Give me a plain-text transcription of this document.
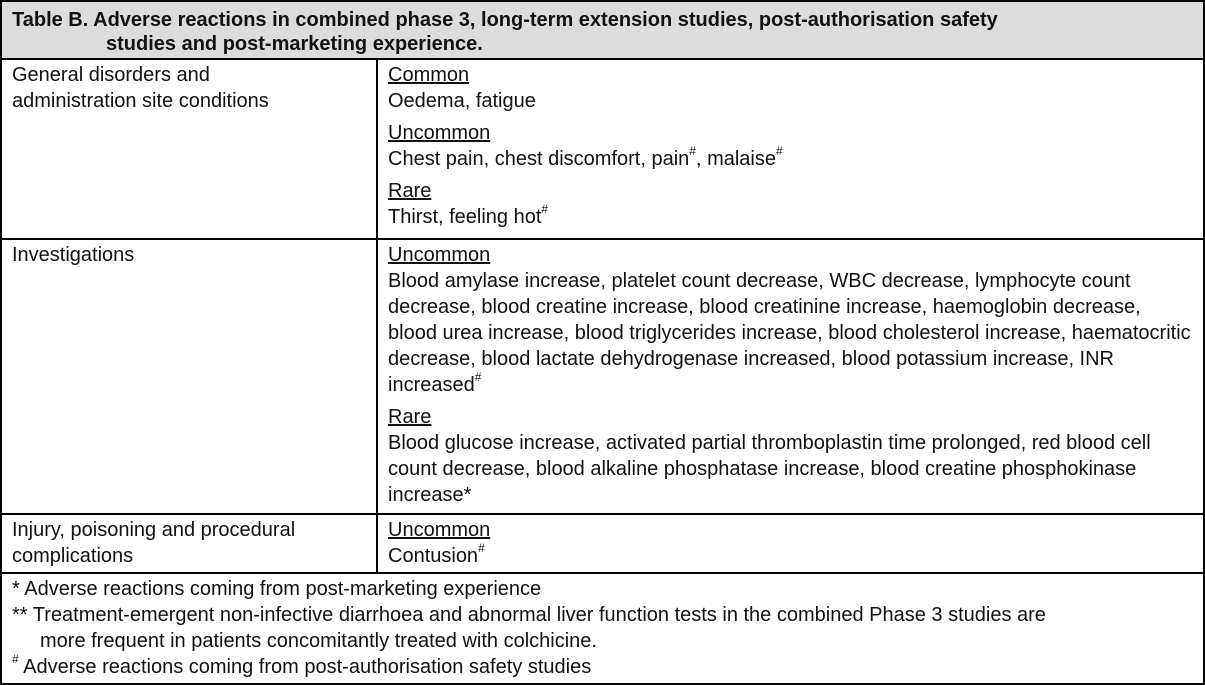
Table B. Adverse reactions in combined phase 3, long-term extension studies, post-authorisation safety
studies and post-marketing experience.
General disorders and
administration site conditions
Common
Oedema, fatigue
Uncommon
Chest pain, chest discomfort, pain#, malaise#
Rare
Thirst, feeling hot#
Investigations	Uncommon
Blood amylase increase, platelet count decrease, WBC decrease, lymphocyte count decrease, blood creatine increase, blood creatinine increase, haemoglobin decrease, blood urea increase, blood triglycerides increase, blood cholesterol increase, haematocritic decrease, blood lactate dehydrogenase increased, blood potassium increase, INR increased#
Rare
Blood glucose increase, activated partial thromboplastin time prolonged, red blood cell count decrease, blood alkaline phosphatase increase, blood creatine phosphokinase increase*
Injury, poisoning and procedural
complications
Uncommon
Contusion#
* Adverse reactions coming from post-marketing experience
** Treatment-emergent non-infective diarrhoea and abnormal liver function tests in the combined Phase 3 studies are
more frequent in patients concomitantly treated with colchicine.
# Adverse reactions coming from post-authorisation safety studies
